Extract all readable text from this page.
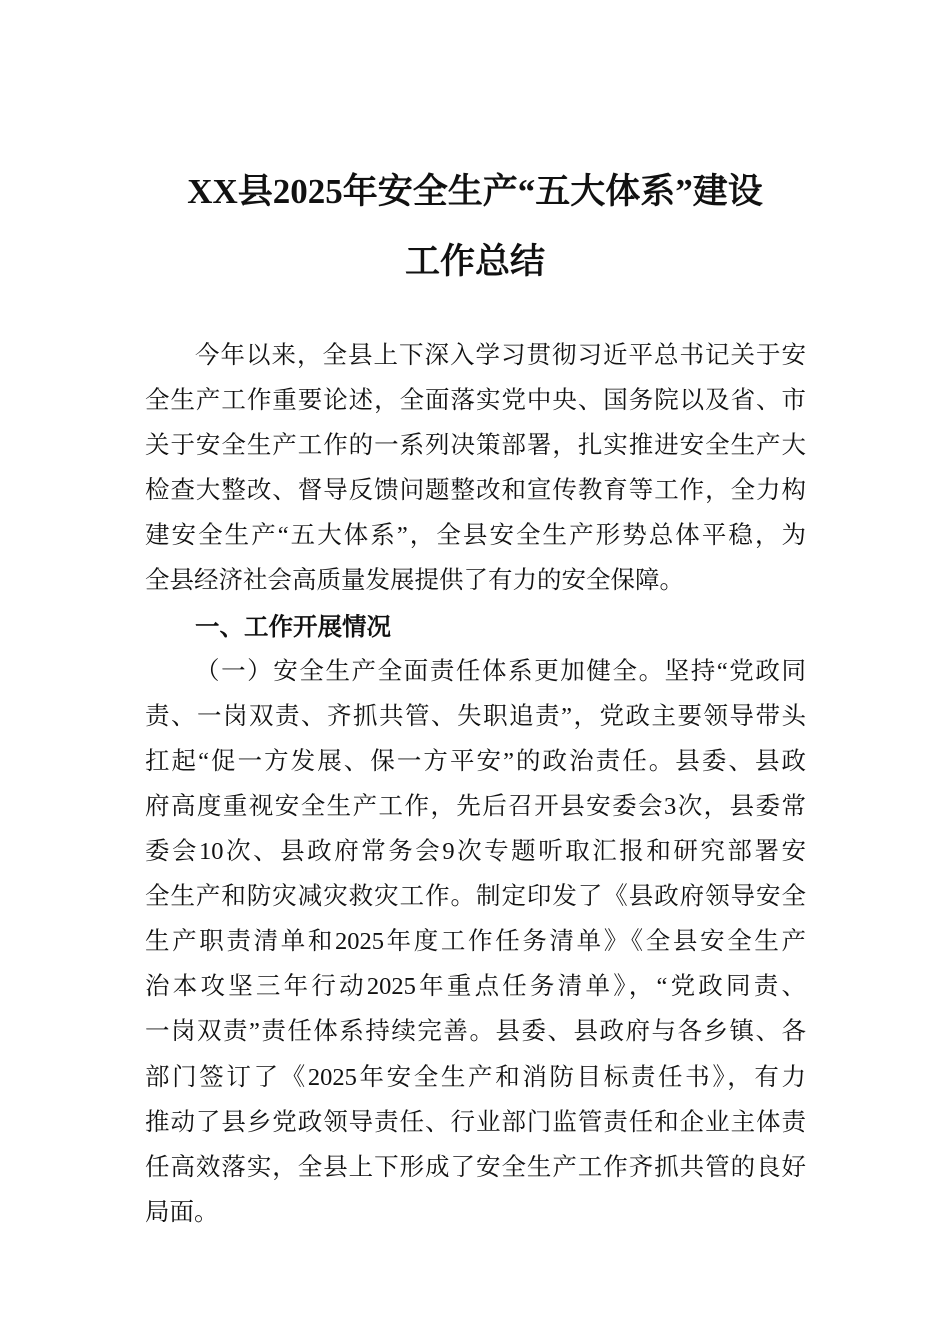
XX县2025年安全生产“五大体系”建设
工作总结
今年以来，全县上下深入学习贯彻习近平总书记关于安
全生产工作重要论述，全面落实党中央、国务院以及省、市
关于安全生产工作的一系列决策部署，扎实推进安全生产大
检查大整改、督导反馈问题整改和宣传教育等工作，全力构
建安全生产“五大体系”，全县安全生产形势总体平稳，为
全县经济社会高质量发展提供了有力的安全保障。
一、工作开展情况
（一）安全生产全面责任体系更加健全。坚持“党政同
责、一岗双责、齐抓共管、失职追责”，党政主要领导带头
扛起“促一方发展、保一方平安”的政治责任。县委、县政
府高度重视安全生产工作，先后召开县安委会3次，县委常
委会10次、县政府常务会9次专题听取汇报和研究部署安
全生产和防灾减灾救灾工作。制定印发了《县政府领导安全
生产职责清单和2025年度工作任务清单》《全县安全生产
治本攻坚三年行动2025年重点任务清单》，“党政同责、
一岗双责”责任体系持续完善。县委、县政府与各乡镇、各
部门签订了《2025年安全生产和消防目标责任书》，有力
推动了县乡党政领导责任、行业部门监管责任和企业主体责
任高效落实，全县上下形成了安全生产工作齐抓共管的良好
局面。
